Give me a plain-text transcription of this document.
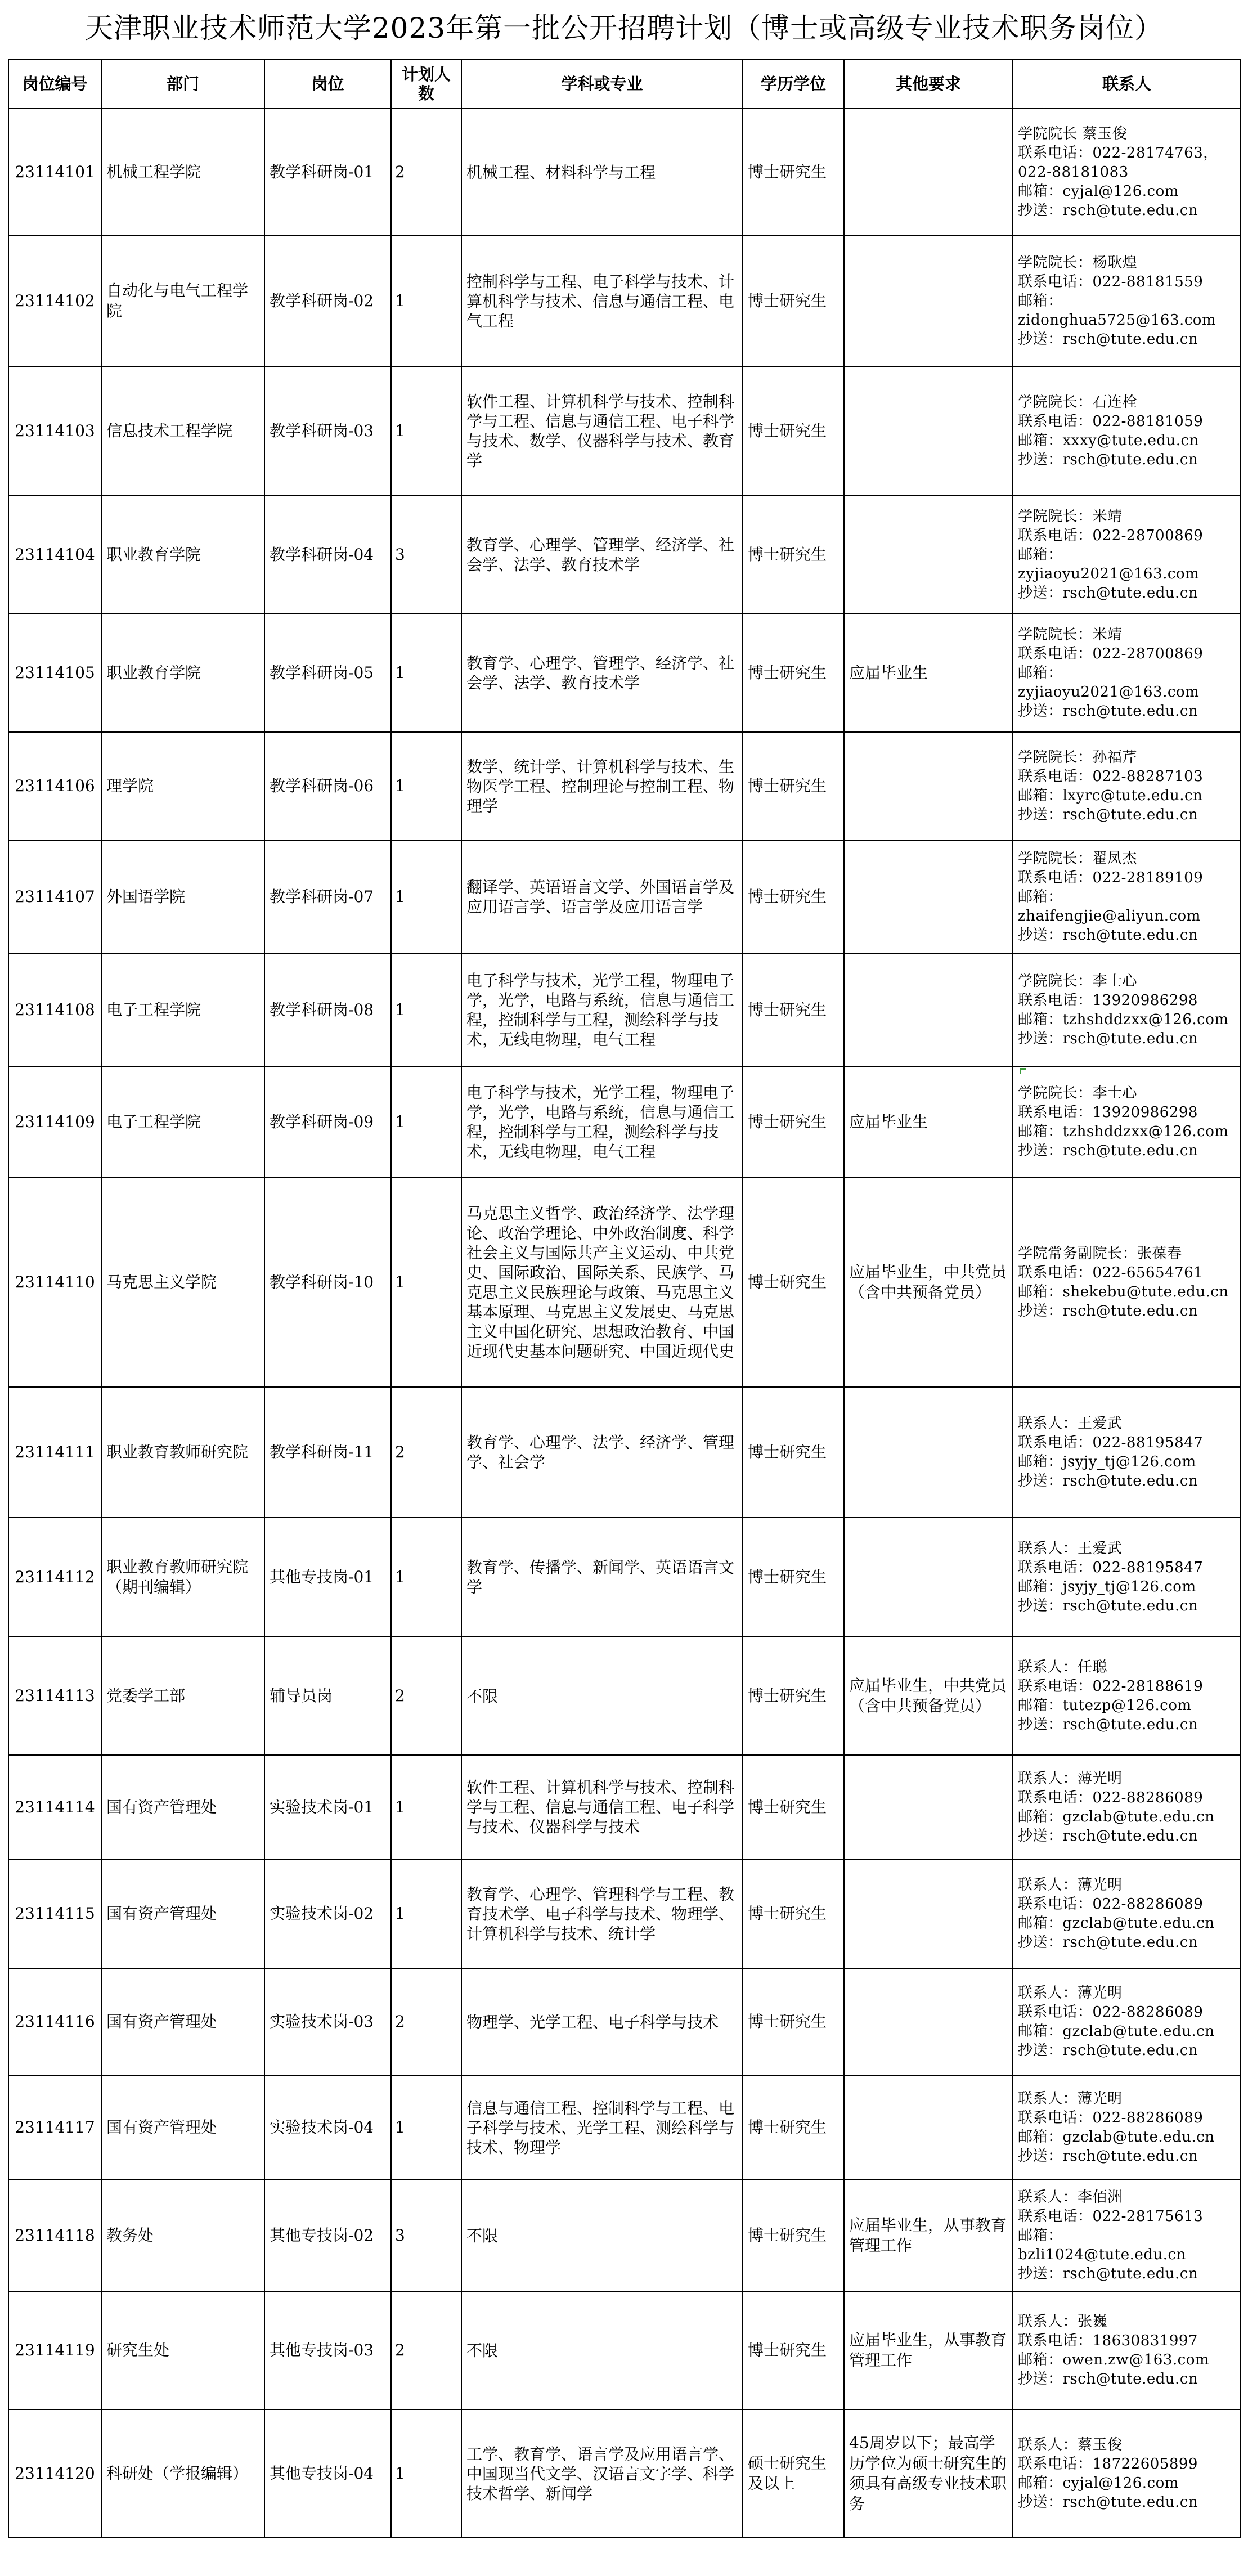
天津职业技术师范大学2023年第一批公开招聘计划（博士或高级专业技术职务岗位）
岗位编号	部门	岗位	计划人数	学科或专业	学历学位	其他要求	联系人
23114101	机械工程学院	教学科研岗-01	2	机械工程、材料科学与工程	博士研究生		学院院长 蔡玉俊
联系电话：022-28174763，
022-88181083
邮箱：cyjal@126.com
抄送：rsch@tute.edu.cn
23114102	自动化与电气工程学院	教学科研岗-02	1	控制科学与工程、电子科学与技术、计算机科学与技术、信息与通信工程、电气工程	博士研究生		学院院长：杨耿煌
联系电话：022-88181559
邮箱：
zidonghua5725@163.com
抄送：rsch@tute.edu.cn
23114103	信息技术工程学院	教学科研岗-03	1	软件工程、计算机科学与技术、控制科学与工程、信息与通信工程、电子科学与技术、数学、仪器科学与技术、教育学	博士研究生		学院院长：石连栓
联系电话：022-88181059
邮箱：xxxy@tute.edu.cn
抄送：rsch@tute.edu.cn
23114104	职业教育学院	教学科研岗-04	3	教育学、心理学、管理学、经济学、社会学、法学、教育技术学	博士研究生		学院院长：米靖
联系电话：022-28700869
邮箱：
zyjiaoyu2021@163.com
抄送：rsch@tute.edu.cn
23114105	职业教育学院	教学科研岗-05	1	教育学、心理学、管理学、经济学、社会学、法学、教育技术学	博士研究生	应届毕业生	学院院长：米靖
联系电话：022-28700869
邮箱：
zyjiaoyu2021@163.com
抄送：rsch@tute.edu.cn
23114106	理学院	教学科研岗-06	1	数学、统计学、计算机科学与技术、生物医学工程、控制理论与控制工程、物理学	博士研究生		学院院长：孙福芹
联系电话：022-88287103
邮箱：lxyrc@tute.edu.cn
抄送：rsch@tute.edu.cn
23114107	外国语学院	教学科研岗-07	1	翻译学、英语语言文学、外国语言学及应用语言学、语言学及应用语言学	博士研究生		学院院长：翟凤杰
联系电话：022-28189109
邮箱：
zhaifengjie@aliyun.com
抄送：rsch@tute.edu.cn
23114108	电子工程学院	教学科研岗-08	1	电子科学与技术，光学工程，物理电子学，光学，电路与系统，信息与通信工程，控制科学与工程，测绘科学与技术，无线电物理，电气工程	博士研究生		学院院长：李士心
联系电话：13920986298
邮箱：tzhshddzxx@126.com
抄送：rsch@tute.edu.cn
23114109	电子工程学院	教学科研岗-09	1	电子科学与技术，光学工程，物理电子学，光学，电路与系统，信息与通信工程，控制科学与工程，测绘科学与技术，无线电物理，电气工程	博士研究生	应届毕业生	学院院长：李士心
联系电话：13920986298
邮箱：tzhshddzxx@126.com
抄送：rsch@tute.edu.cn
23114110	马克思主义学院	教学科研岗-10	1	马克思主义哲学、政治经济学、法学理论、政治学理论、中外政治制度、科学社会主义与国际共产主义运动、中共党史、国际政治、国际关系、民族学、马克思主义民族理论与政策、马克思主义基本原理、马克思主义发展史、马克思主义中国化研究、思想政治教育、中国近现代史基本问题研究、中国近现代史	博士研究生	应届毕业生，中共党员（含中共预备党员）	学院常务副院长：张葆春
联系电话：022-65654761
邮箱：shekebu@tute.edu.cn
抄送：rsch@tute.edu.cn
23114111	职业教育教师研究院	教学科研岗-11	2	教育学、心理学、法学、经济学、管理学、社会学	博士研究生		联系人：王爱武
联系电话：022-88195847
邮箱：jsyjy_tj@126.com
抄送：rsch@tute.edu.cn
23114112	职业教育教师研究院（期刊编辑）	其他专技岗-01	1	教育学、传播学、新闻学、英语语言文学	博士研究生		联系人：王爱武
联系电话：022-88195847
邮箱：jsyjy_tj@126.com
抄送：rsch@tute.edu.cn
23114113	党委学工部	辅导员岗	2	不限	博士研究生	应届毕业生，中共党员（含中共预备党员）	联系人：任聪
联系电话：022-28188619
邮箱：tutezp@126.com
抄送：rsch@tute.edu.cn
23114114	国有资产管理处	实验技术岗-01	1	软件工程、计算机科学与技术、控制科学与工程、信息与通信工程、电子科学与技术、仪器科学与技术	博士研究生		联系人：薄光明
联系电话：022-88286089
邮箱：gzclab@tute.edu.cn
抄送：rsch@tute.edu.cn
23114115	国有资产管理处	实验技术岗-02	1	教育学、心理学、管理科学与工程、教育技术学、电子科学与技术、物理学、计算机科学与技术、统计学	博士研究生		联系人：薄光明
联系电话：022-88286089
邮箱：gzclab@tute.edu.cn
抄送：rsch@tute.edu.cn
23114116	国有资产管理处	实验技术岗-03	2	物理学、光学工程、电子科学与技术	博士研究生		联系人：薄光明
联系电话：022-88286089
邮箱：gzclab@tute.edu.cn
抄送：rsch@tute.edu.cn
23114117	国有资产管理处	实验技术岗-04	1	信息与通信工程、控制科学与工程、电子科学与技术、光学工程、测绘科学与技术、物理学	博士研究生		联系人：薄光明
联系电话：022-88286089
邮箱：gzclab@tute.edu.cn
抄送：rsch@tute.edu.cn
23114118	教务处	其他专技岗-02	3	不限	博士研究生	应届毕业生，从事教育管理工作	联系人：李佰洲
联系电话：022-28175613
邮箱：
bzli1024@tute.edu.cn
抄送：rsch@tute.edu.cn
23114119	研究生处	其他专技岗-03	2	不限	博士研究生	应届毕业生，从事教育管理工作	联系人：张巍
联系电话：18630831997
邮箱：owen.zw@163.com
抄送：rsch@tute.edu.cn
23114120	科研处（学报编辑）	其他专技岗-04	1	工学、教育学、语言学及应用语言学、中国现当代文学、汉语言文字学、科学技术哲学、新闻学	硕士研究生及以上	45周岁以下；最高学历学位为硕士研究生的须具有高级专业技术职务	联系人：蔡玉俊
联系电话：18722605899
邮箱：cyjal@126.com
抄送：rsch@tute.edu.cn
